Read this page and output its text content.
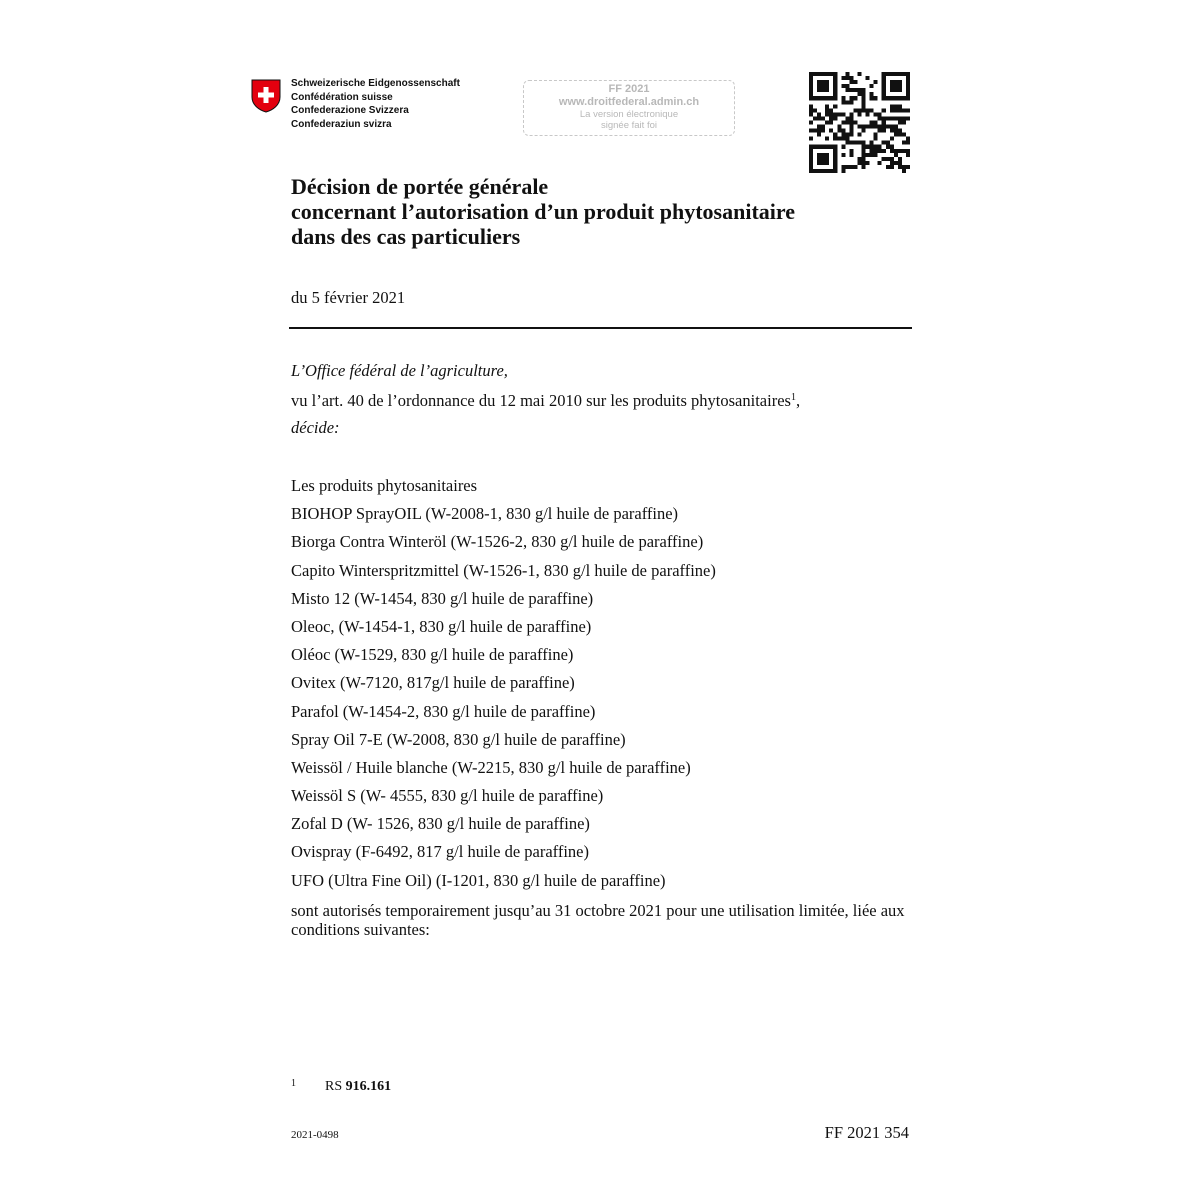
Schweizerische Eidgenossenschaft
Confédération suisse
Confederazione Svizzera
Confederaziun svizra
FF 2021
www.droitfederal.admin.ch
La version électronique
signée fait foi
Décision de portée générale
concernant l’autorisation d’un produit phytosanitaire
dans des cas particuliers
du 5 février 2021
L’Office fédéral de l’agriculture,
vu l’art. 40 de l’ordonnance du 12 mai 2010 sur les produits phytosanitaires$^1$,
décide:
Les produits phytosanitaires
BIOHOP SprayOIL (W-2008-1, 830 g/l huile de paraffine)
Biorga Contra Winteröl (W-1526-2, 830 g/l huile de paraffine)
Capito Winterspritzmittel (W-1526-1, 830 g/l huile de paraffine)
Misto 12 (W-1454, 830 g/l huile de paraffine)
Oleoc, (W-1454-1, 830 g/l huile de paraffine)
Oléoc (W-1529, 830 g/l huile de paraffine)
Ovitex (W-7120, 817g/l huile de paraffine)
Parafol (W-1454-2, 830 g/l huile de paraffine)
Spray Oil 7-E (W-2008, 830 g/l huile de paraffine)
Weissöl / Huile blanche (W-2215, 830 g/l huile de paraffine)
Weissöl S (W- 4555, 830 g/l huile de paraffine)
Zofal D (W- 1526, 830 g/l huile de paraffine)
Ovispray (F-6492, 817 g/l huile de paraffine)
UFO (Ultra Fine Oil) (I-1201, 830 g/l huile de paraffine)
sont autorisés temporairement jusqu’au 31 octobre 2021 pour une utilisation limitée, liée aux conditions suivantes:
1 RS 916.161
2021-0498	FF 2021 354
